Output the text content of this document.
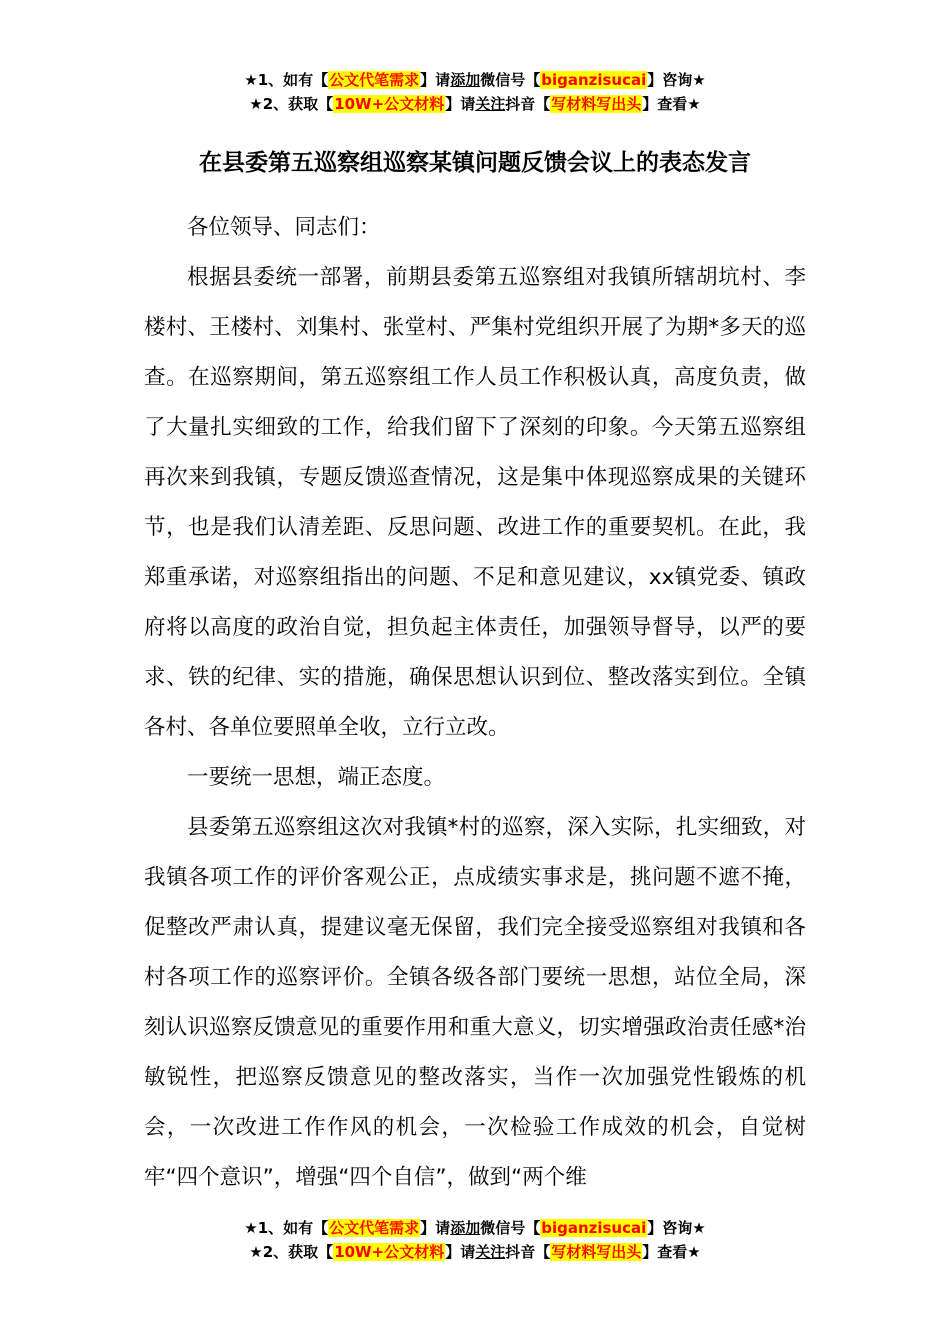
★1、如有【公文代笔需求】请添加微信号【biganzisucai】咨询★
★2、获取【10W+公文材料】请关注抖音【写材料写出头】查看★
在县委第五巡察组巡察某镇问题反馈会议上的表态发言

各位领导、同志们：

根据县委统一部署，前期县委第五巡察组对我镇所辖胡坑村、李楼村、王楼村、刘集村、张堂村、严集村党组织开展了为期*多天的巡查。在巡察期间，第五巡察组工作人员工作积极认真，高度负责，做了大量扎实细致的工作，给我们留下了深刻的印象。今天第五巡察组再次来到我镇，专题反馈巡查情况，这是集中体现巡察成果的关键环节，也是我们认清差距、反思问题、改进工作的重要契机。在此，我郑重承诺，对巡察组指出的问题、不足和意见建议，xx镇党委、镇政府将以高度的政治自觉，担负起主体责任，加强领导督导，以严的要求、铁的纪律、实的措施，确保思想认识到位、整改落实到位。全镇各村、各单位要照单全收，立行立改。

一要统一思想，端正态度。

县委第五巡察组这次对我镇*村的巡察，深入实际，扎实细致，对我镇各项工作的评价客观公正，点成绩实事求是，挑问题不遮不掩，促整改严肃认真，提建议毫无保留，我们完全接受巡察组对我镇和各村各项工作的巡察评价。全镇各级各部门要统一思想，站位全局，深刻认识巡察反馈意见的重要作用和重大意义，切实增强政治责任感*治敏锐性，把巡察反馈意见的整改落实，当作一次加强党性锻炼的机会，一次改进工作作风的机会，一次检验工作成效的机会，自觉树牢“四个意识”，增强“四个自信”，做到“两个维

★1、如有【公文代笔需求】请添加微信号【biganzisucai】咨询★
★2、获取【10W+公文材料】请关注抖音【写材料写出头】查看★
